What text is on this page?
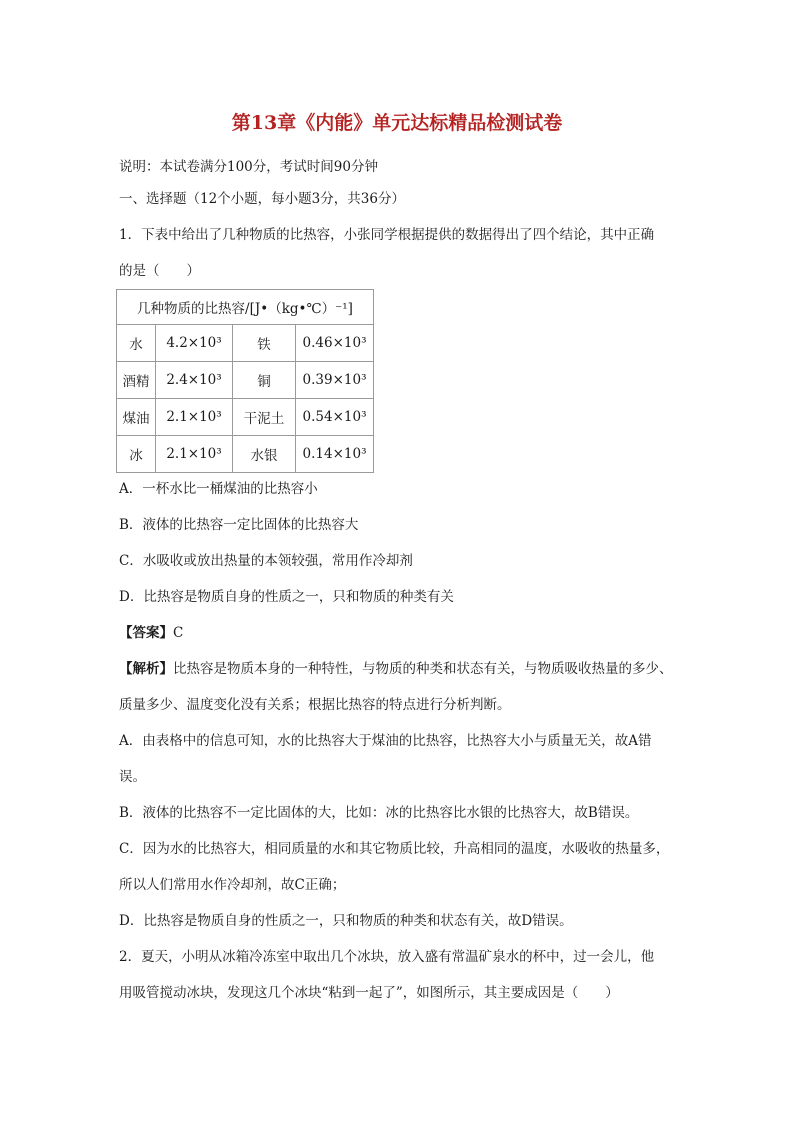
第13章《内能》单元达标精品检测试卷
说明：本试卷满分100分，考试时间90分钟
一、选择题（12个小题，每小题3分，共36分）
1．下表中给出了几种物质的比热容，小张同学根据提供的数据得出了四个结论，其中正确
的是（　　）
几种物质的比热容/[J•（kg•℃）⁻¹]			
水	4.2×10³	铁	0.46×10³
酒精	2.4×10³	铜	0.39×10³
煤油	2.1×10³	干泥土	0.54×10³
冰	2.1×10³	水银	0.14×10³
A．一杯水比一桶煤油的比热容小
B．液体的比热容一定比固体的比热容大
C．水吸收或放出热量的本领较强，常用作冷却剂
D．比热容是物质自身的性质之一，只和物质的种类有关
【答案】C
【解析】比热容是物质本身的一种特性，与物质的种类和状态有关，与物质吸收热量的多少、
质量多少、温度变化没有关系；根据比热容的特点进行分析判断。
A．由表格中的信息可知，水的比热容大于煤油的比热容，比热容大小与质量无关，故A错
误。
B．液体的比热容不一定比固体的大，比如：冰的比热容比水银的比热容大，故B错误。
C．因为水的比热容大，相同质量的水和其它物质比较，升高相同的温度，水吸收的热量多，
所以人们常用水作冷却剂，故C正确；
D．比热容是物质自身的性质之一，只和物质的种类和状态有关，故D错误。
2．夏天，小明从冰箱冷冻室中取出几个冰块，放入盛有常温矿泉水的杯中，过一会儿，他
用吸管搅动冰块，发现这几个冰块“粘到一起了”，如图所示，其主要成因是（　　）
